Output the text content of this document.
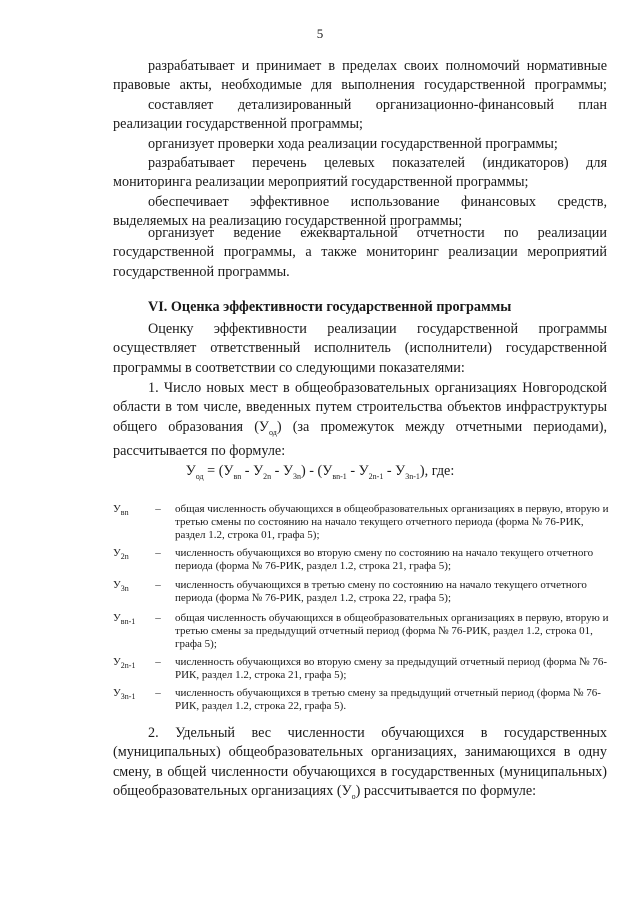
5
разрабатывает и принимает в пределах своих полномочий нормативные правовые акты, необходимые для выполнения государственной программы;
составляет детализированный организационно-финансовый план реализации государственной программы;
организует проверки хода реализации государственной программы;
разрабатывает перечень целевых показателей (индикаторов) для мониторинга реализации мероприятий государственной программы;
обеспечивает эффективное использование финансовых средств, выделяемых на реализацию государственной программы;
организует ведение ежеквартальной отчетности по реализации государственной программы, а также мониторинг реализации мероприятий государственной программы.
VI. Оценка эффективности государственной программы
Оценку эффективности реализации государственной программы осуществляет ответственный исполнитель (исполнители) государственной программы в соответствии со следующими показателями:
1. Число новых мест в общеобразовательных организациях Новгородской области в том числе, введенных путем строительства объектов инфраструктуры общего образования $(У_{од})$ (за промежуток между отчетными периодами), рассчитывается по формуле:
$У_{од} = (У_{вn} - У_{2n} - У_{3n}) - (У_{вn-1} - У_{2n-1} - У_{3n-1})$, где:
$У_{вn}$	–	общая численность обучающихся в общеобразовательных организациях в первую, вторую и третью смены по состоянию на начало текущего отчетного периода (форма № 76-РИК, раздел 1.2, строка 01, графа 5);
$У_{2n}$	–	численность обучающихся во вторую смену по состоянию на начало текущего отчетного периода (форма № 76-РИК, раздел 1.2, строка 21, графа 5);
$У_{3n}$	–	численность обучающихся в третью смену по состоянию на начало текущего отчетного периода (форма № 76-РИК, раздел 1.2, строка 22, графа 5);
$У_{вn-1}$	–	общая численность обучающихся в общеобразовательных организациях в первую, вторую и третью смены за предыдущий отчетный период (форма № 76-РИК, раздел 1.2, строка 01, графа 5);
$У_{2n-1}$	–	численность обучающихся во вторую смену за предыдущий отчетный период (форма № 76-РИК, раздел 1.2, строка 21, графа 5);
$У_{3n-1}$	–	численность обучающихся в третью смену за предыдущий отчетный период (форма № 76-РИК, раздел 1.2, строка 22, графа 5).
2. Удельный вес численности обучающихся в государственных (муниципальных) общеобразовательных организациях, занимающихся в одну смену, в общей численности обучающихся в государственных (муниципальных) общеобразовательных организациях $(У_о)$ рассчитывается по формуле:
